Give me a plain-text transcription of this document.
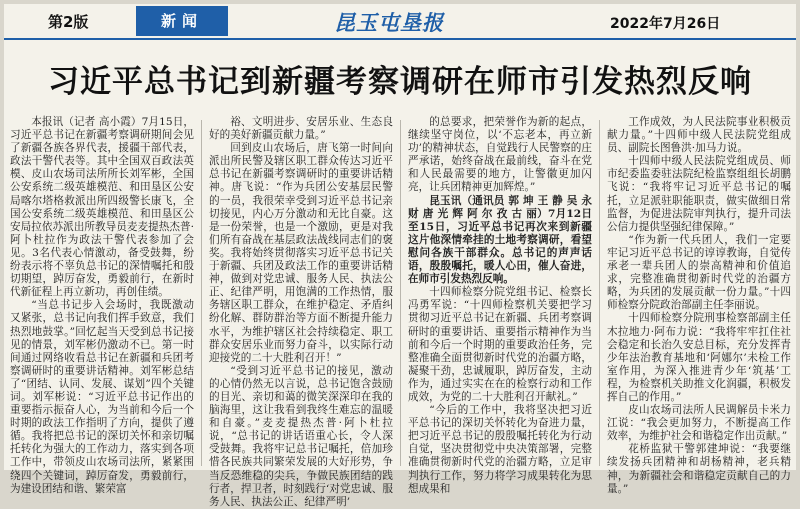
第2版	新闻	昆玉屯垦报	2022年7月26日
习近平总书记到新疆考察调研在师市引发热烈反响

本报讯（记者 高小霞）7月15日，习近平总书记在新疆考察调研期间会见了新疆各族各界代表，援疆干部代表，政法干警代表等。其中全国双百政法英模、皮山农场司法所所长刘军彬，全国公安系统二级英雄模范、和田垦区公安局喀尔塔格救派出所四级警长康飞，全国公安系统二级英雄模范、和田垦区公安局拉依苏派出所教导员麦麦提热杰普·阿卜杜拉作为政法干警代表参加了会见。3名代表心情激动，备受鼓舞，纷纷表示将不辜负总书记的深情嘱托和殷切期望，踔厉奋发，勇毅前行，在新时代新征程上再立新功，再创佳绩。

“当总书记步入会场时，我既激动又紧张，总书记向我们挥手致意，我们热烈地鼓掌。”回忆起当天受到总书记接见的情景，刘军彬仍激动不已。第一时间通过网络收看总书记在新疆和兵团考察调研时的重要讲话精神。刘军彬总结了“团结、认同、发展、谋划”四个关键词。刘军彬说：“习近平总书记作出的重要指示振奋人心，为当前和今后一个时期的政法工作指明了方向，提供了遵循。我将把总书记的深切关怀和亲切嘱托转化为强大的工作动力，落实到各项工作中，带领皮山农场司法所，紧紧围绕四个关键词，踔厉奋发，勇毅前行，为建设团结和谐、繁荣富

裕、文明进步、安居乐业、生态良好的美好新疆贡献力量。”

回到皮山农场后，唐飞第一时间向派出所民警及辖区职工群众传达习近平总书记在新疆考察调研时的重要讲话精神。唐飞说：“作为兵团公安基层民警的一员，我很荣幸受到习近平总书记亲切接见，内心万分激动和无比自豪。这是一份荣誉，也是一个激励，更是对我们所有奋战在基层政法战线同志们的褒奖。我将始终贯彻落实习近平总书记关于新疆、兵团及政法工作的重要讲话精神，做到对党忠诚、服务人民、执法公正、纪律严明，用饱满的工作热情，服务辖区职工群众，在维护稳定、矛盾纠纷化解、群防群治等方面不断提升能力水平，为维护辖区社会持续稳定、职工群众安居乐业而努力奋斗，以实际行动迎接党的二十大胜利召开！”

“受到习近平总书记的接见，激动的心情仍然无以言说，总书记饱含鼓励的目光、亲切和蔼的微笑深深印在我的脑海里，这让我看到我终生难忘的温暖和自豪。”麦麦提热杰普·阿卜杜拉说，“总书记的讲话语重心长，令人深受鼓舞。我将牢记总书记嘱托，倍加珍惜各民族共同繁荣发展的大好形势，争当反恐维稳的尖兵，争做民族团结的践行者，捍卫者，时刻践行‘对党忠诚、服务人民、执法公正、纪律严明’

的总要求，把荣誉作为新的起点，继续坚守岗位，以‘不忘老本，再立新功’的精神状态，自觉践行人民警察的庄严承诺，始终奋战在最前线，奋斗在党和人民最需要的地方，让警徽更加闪亮，让兵团精神更加辉煌。”

昆玉讯（通讯员 郭 坤 王 静 吴 永 财 唐 光 辉 阿 尔 孜 古 丽）7月12日至15日，习近平总书记再次来到新疆这片他深情牵挂的土地考察调研，看望慰问各族干部群众。总书记的声声话语，殷殷嘱托，暖人心田，催人奋进，在师市引发热烈反响。

十四师检察分院党组书记、检察长冯勇军说：“十四师检察机关要把学习贯彻习近平总书记在新疆、兵团考察调研时的重要讲话、重要指示精神作为当前和今后一个时期的重要政治任务，完整准确全面贯彻新时代党的治疆方略，凝聚干劲，忠诚履职，踔厉奋发，主动作为，通过实实在在的检察行动和工作成效，为党的二十大胜利召开献礼。”

“今后的工作中，我将坚决把习近平总书记的深切关怀转化为奋进力量，把习近平总书记的殷殷嘱托转化为行动自觉，坚决贯彻党中央决策部署，完整准确贯彻新时代党的治疆方略，立足审判执行工作，努力将学习成果转化为思想成果和

工作成效，为人民法院事业积极贡献力量。”十四师中级人民法院党组成员、副院长图鲁洪·加马力说。

十四师中级人民法院党组成员、师市纪委监委驻法院纪检监察组组长胡鹏飞说：“我将牢记习近平总书记的嘱托，立足派驻职能职责，做实做细日常监督，为促进法院审判执行，提升司法公信力提供坚强纪律保障。”

“作为新一代兵团人，我们一定要牢记习近平总书记的谆谆教诲，自觉传承老一辈兵团人的崇高精神和价值追求，完整准确贯彻新时代党的治疆方略，为兵团的发展贡献一份力量。”十四师检察分院政治部副主任李丽说。

十四师检察分院刑事检察部副主任木拉地力·阿布力说：“我将牢牢扛住社会稳定和长治久安总目标，充分发挥青少年法治教育基地和‘阿娜尔’未检工作室作用，为深入推进青少年‘筑基’工程，为检察机关助推文化润疆，积极发挥自己的作用。”

皮山农场司法所人民调解员卡米力江说：“我会更加努力，不断提高工作效率，为维护社会和谐稳定作出贡献。”

花桥监狱干警郭建坤说：“我要继续发扬兵团精神和胡杨精神，老兵精神，为新疆社会和谐稳定贡献自己的力量。”
